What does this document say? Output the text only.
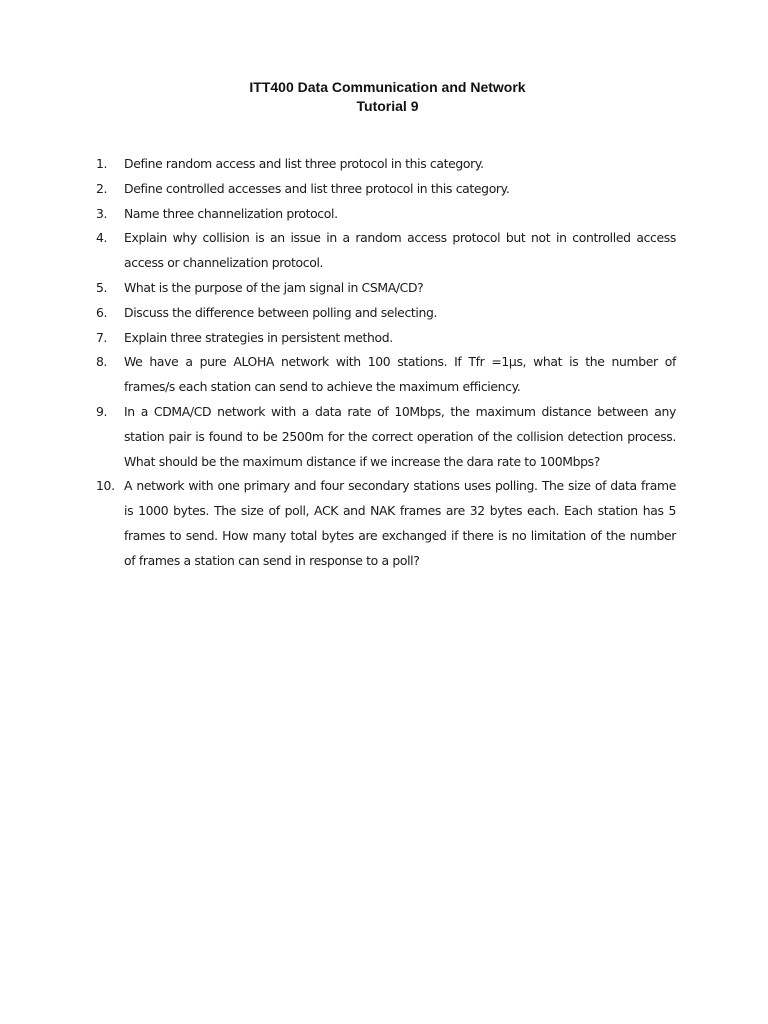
ITT400 Data Communication and Network
Tutorial 9
1.	Define random access and list three protocol in this category.
2.	Define controlled accesses and list three protocol in this category.
3.	Name three channelization protocol.
4.	Explain why collision is an issue in a random access protocol but not in controlled access access or channelization protocol.
5.	What is the purpose of the jam signal in CSMA/CD?
6.	Discuss the difference between polling and selecting.
7.	Explain three strategies in persistent method.
8.	We have a pure ALOHA network with 100 stations. If Tfr =1µs, what is the number of frames/s each station can send to achieve the maximum efficiency.
9.	In a CDMA/CD network with a data rate of 10Mbps, the maximum distance between any station pair is found to be 2500m for the correct operation of the collision detection process. What should be the maximum distance if we increase the dara rate to 100Mbps?
10. A network with one primary and four secondary stations uses polling. The size of data frame is 1000 bytes. The size of poll, ACK and NAK frames are 32 bytes each. Each station has 5 frames to send. How many total bytes are exchanged if there is no limitation of the number of frames a station can send in response to a poll?
